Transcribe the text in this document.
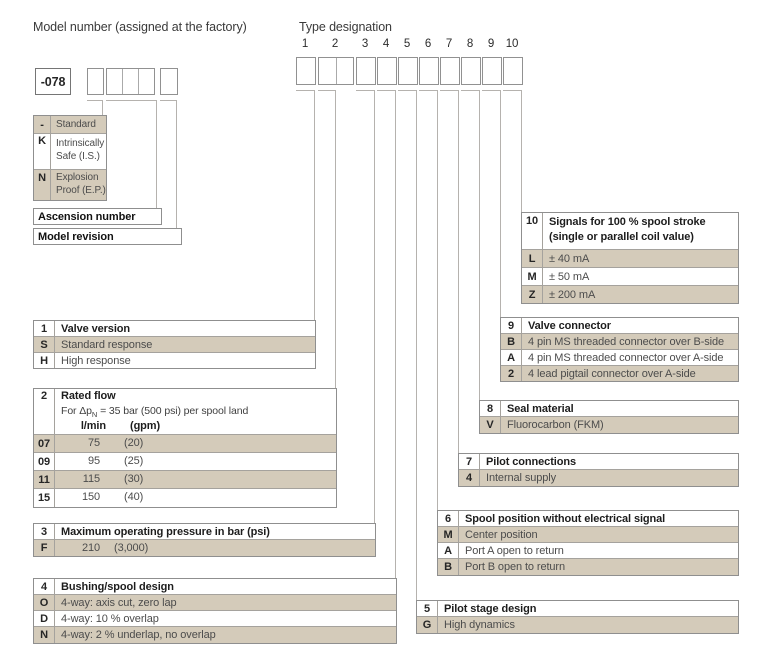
Model number (assigned at the factory)	Type designation
-078
-	Standard
K	Intrinsically Safe (I.S.)
N	Explosion Proof (E.P.)
Ascension number
Model revision
1	2	3	4	5	6	7	8	9	10
1	Valve version
S	Standard response
H	High response
2	Rated flow
For $\Delta p_N = 35$ bar (500 psi) per spool land
l/min (gpm)
07	75 (20)
09	95 (25)
11	115 (30)
15	150 (40)
3	Maximum operating pressure in bar (psi)
F	210 (3,000)
4	Bushing/spool design
O	4-way: axis cut, zero lap
D	4-way: 10 % overlap
N	4-way: 2 % underlap, no overlap
5	Pilot stage design
G	High dynamics
6	Spool position without electrical signal
M	Center position
A	Port A open to return
B	Port B open to return
7	Pilot connections
4	Internal supply
8	Seal material
V	Fluorocarbon (FKM)
9	Valve connector
B	4 pin MS threaded connector over B-side
A	4 pin MS threaded connector over A-side
2	4 lead pigtail connector over A-side
10 Signals for 100 % spool stroke
(single or parallel coil value)
L	± 40 mA
M	± 50 mA
Z	± 200 mA
